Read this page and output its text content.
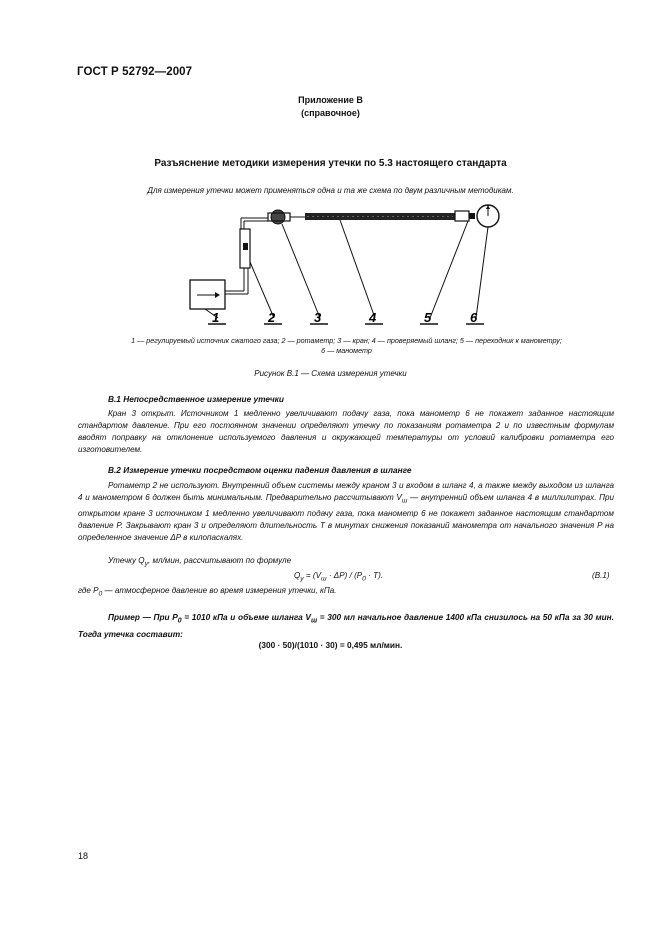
ГОСТ Р 52792—2007
Приложение В
(справочное)
Разъяснение методики измерения утечки по 5.3 настоящего стандарта
Для измерения утечки может применяться одна и та же схема по двум различным методикам.
1	2	3	4	5	6
1 — регулируемый источник сжатого газа; 2 — ротаметр; 3 — кран; 4 — проверяемый шланг; 5 — переходник к манометру;
6 — манометр
Рисунок В.1 — Схема измерения утечки
В.1 Непосредственное измерение утечки
Кран 3 открыт. Источником 1 медленно увеличивают подачу газа, пока манометр 6 не покажет заданное настоящим стандартом давление. При его постоянном значении определяют утечку по показаниям ротаметра 2 и по известным формулам вводят поправку на отклонение используемого давления и окружающей температуры от условий калибровки ротаметра его изготовителем.
В.2 Измерение утечки посредством оценки падения давления в шланге
Ротаметр 2 не используют. Внутренний объем системы между краном 3 и входом в шланг 4, а также между выходом из шланга 4 и манометром 6 должен быть минимальным. Предварительно рассчитывают $V_ш$ — внутренний объем шланга 4 в миллилитрах. При открытом кране 3 источником 1 медленно увеличивают подачу газа, пока манометр 6 не покажет заданное настоящим стандартом давление P. Закрывают кран 3 и определяют длительность T в минутах снижения показаний манометра от начального значения P на определенное значение ΔP в килопаскалях.
Утечку $Q_у$, мл/мин, рассчитывают по формуле
$Q_у = (V_ш \cdot \Delta P) / (P_0 \cdot T)$.	(В.1)
где $P_0$ — атмосферное давление во время измерения утечки, кПа.
Пример — При $P_0 = 1010$ кПа и объеме шланга $V_ш = 300$ мл начальное давление 1400 кПа снизилось на 50 кПа за 30 мин. Тогда утечка составит:
(300 · 50)/(1010 · 30) = 0,495 мл/мин.
18
